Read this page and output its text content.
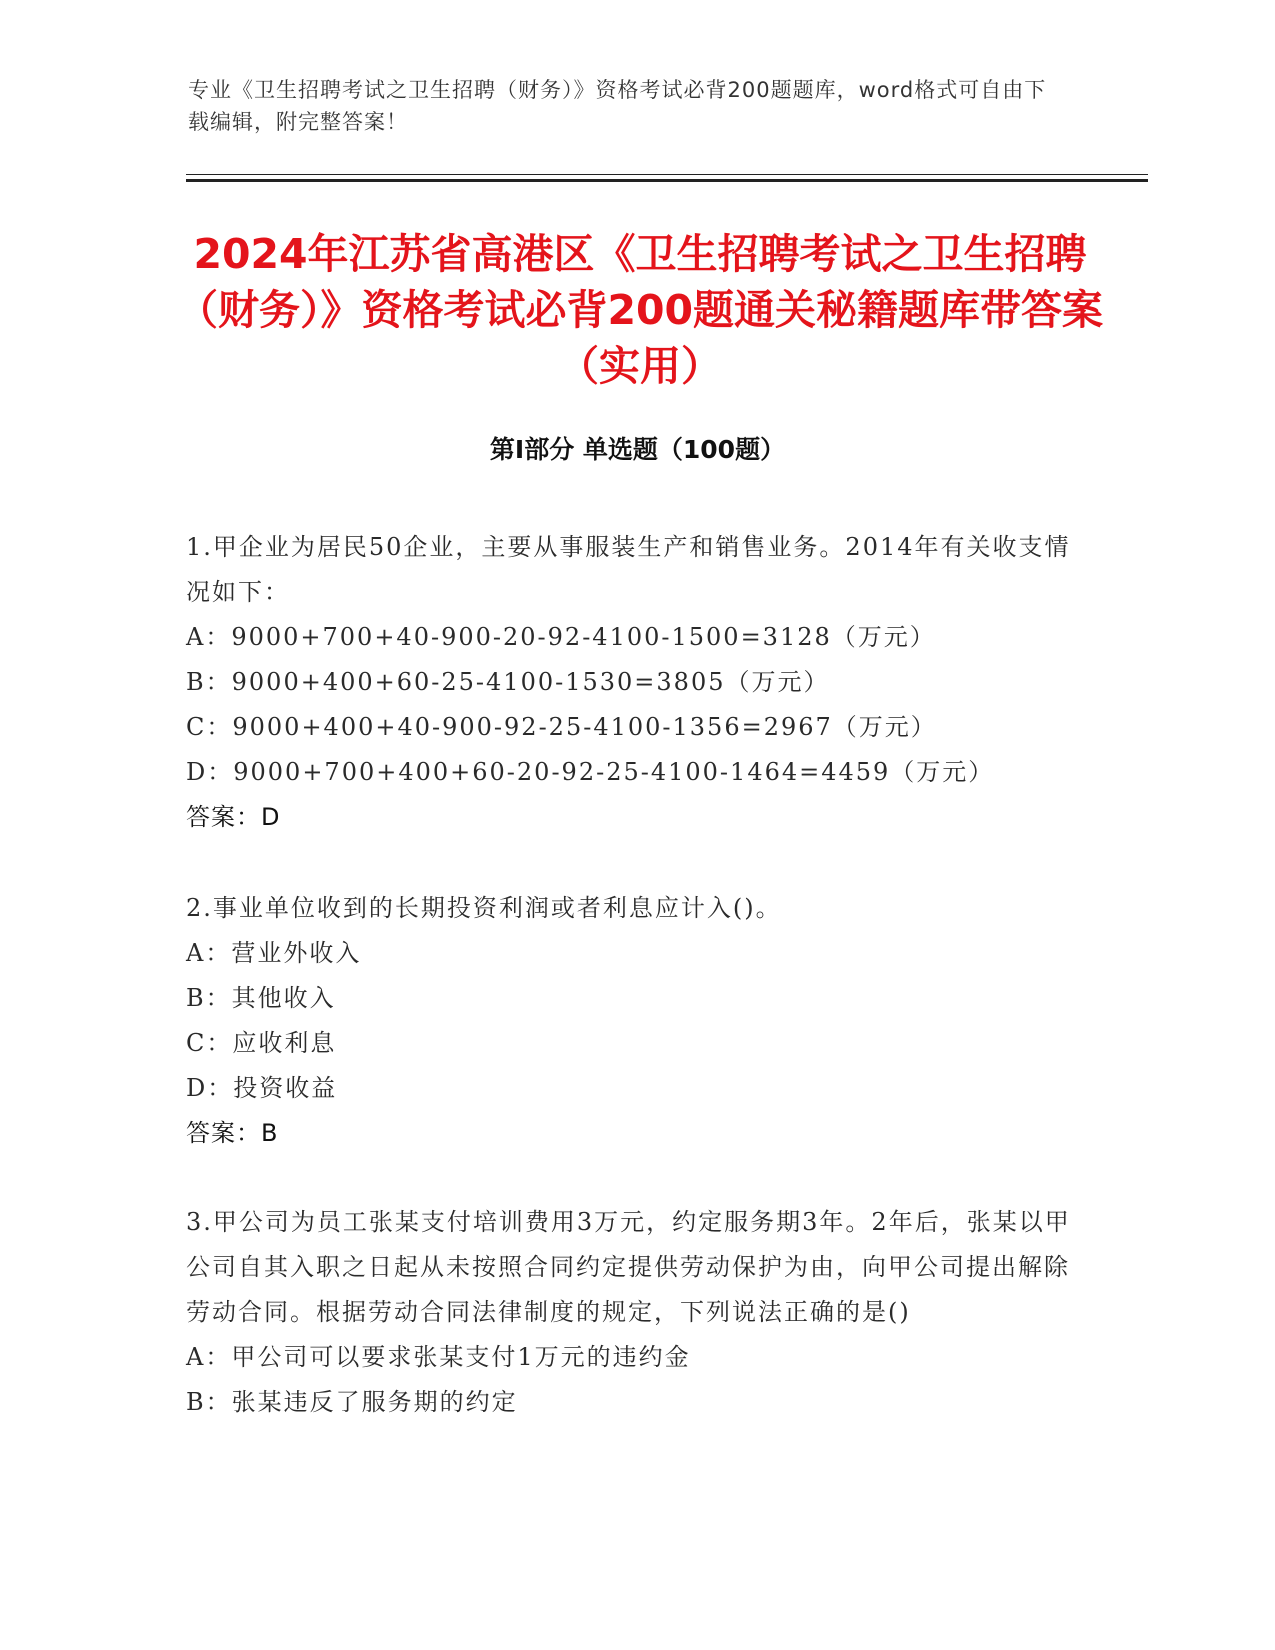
专业《卫生招聘考试之卫生招聘（财务）》资格考试必背200题题库，word格式可自由下载编辑，附完整答案！
2024年江苏省高港区《卫生招聘考试之卫生招聘（财务）》资格考试必背200题通关秘籍题库带答案（实用）
第I部分 单选题（100题）
1.甲企业为居民50企业，主要从事服装生产和销售业务。2014年有关收支情况如下：
A：9000+700+40-900-20-92-4100-1500=3128（万元）
B：9000+400+60-25-4100-1530=3805（万元）
C：9000+400+40-900-92-25-4100-1356=2967（万元）
D：9000+700+400+60-20-92-25-4100-1464=4459（万元）
答案：D
2.事业单位收到的长期投资利润或者利息应计入()。
A：营业外收入
B：其他收入
C：应收利息
D：投资收益
答案：B
3.甲公司为员工张某支付培训费用3万元，约定服务期3年。2年后，张某以甲公司自其入职之日起从未按照合同约定提供劳动保护为由，向甲公司提出解除劳动合同。根据劳动合同法律制度的规定，下列说法正确的是()
A：甲公司可以要求张某支付1万元的违约金
B：张某违反了服务期的约定
